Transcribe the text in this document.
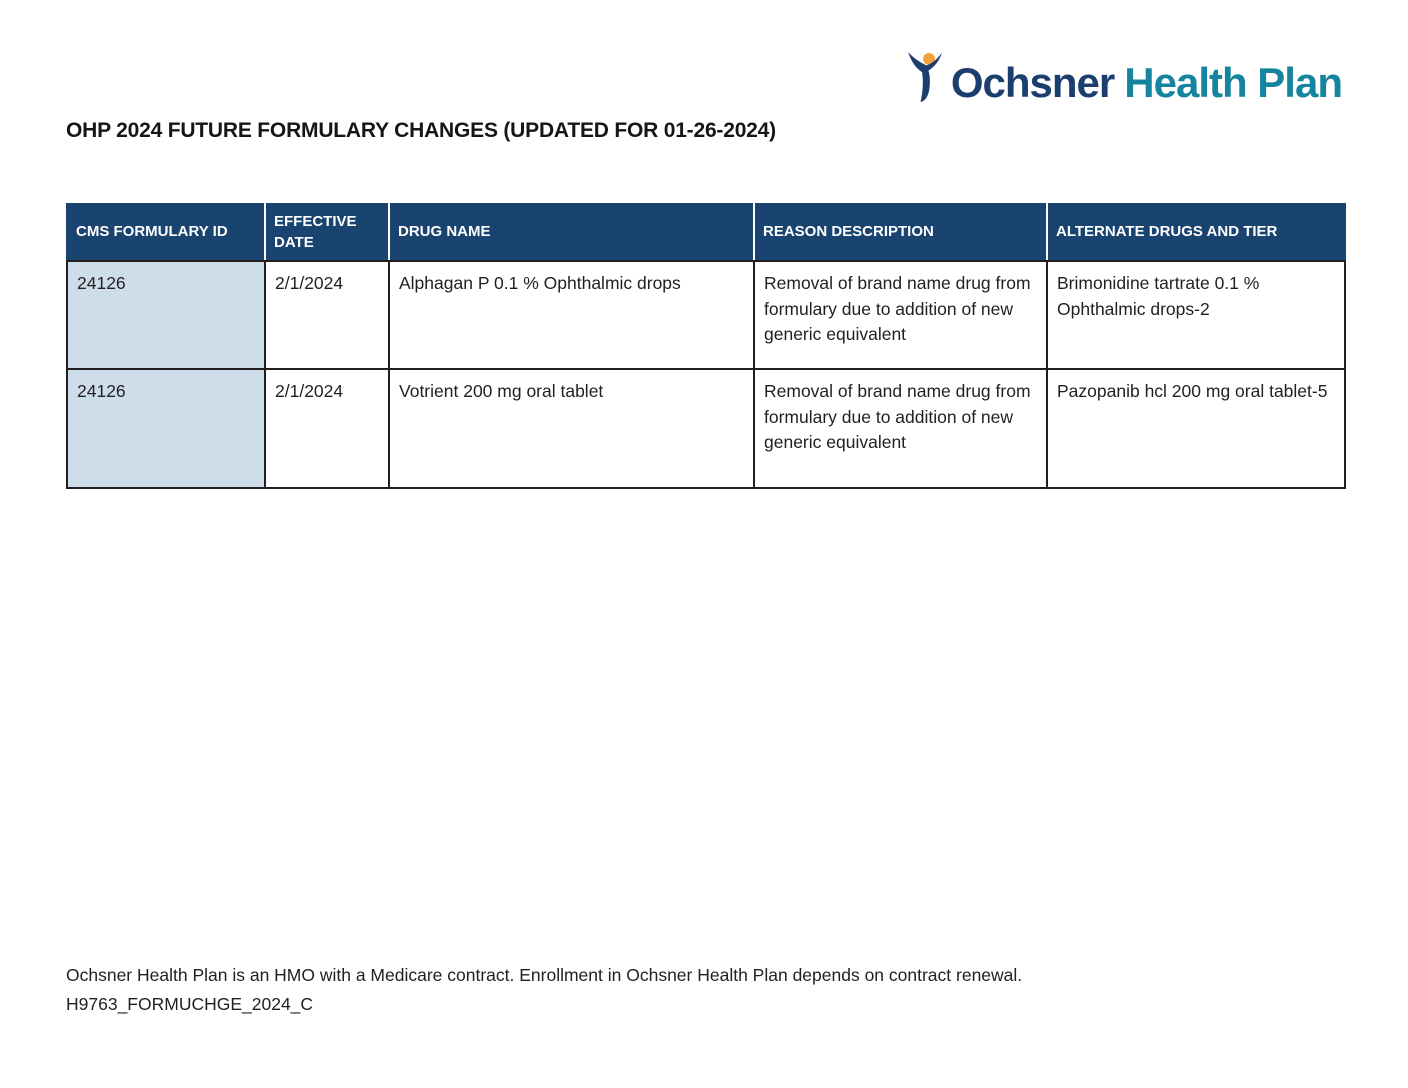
Ochsner Health Plan
OHP 2024 FUTURE FORMULARY CHANGES (UPDATED FOR 01-26-2024)
CMS FORMULARY ID	EFFECTIVE DATE	DRUG NAME	REASON DESCRIPTION	ALTERNATE DRUGS AND TIER
24126	2/1/2024	Alphagan P 0.1 % Ophthalmic drops	Removal of brand name drug from formulary due to addition of new generic equivalent	Brimonidine tartrate 0.1 % Ophthalmic drops-2
24126	2/1/2024	Votrient 200 mg oral tablet	Removal of brand name drug from formulary due to addition of new generic equivalent	Pazopanib hcl 200 mg oral tablet-5
Ochsner Health Plan is an HMO with a Medicare contract. Enrollment in Ochsner Health Plan depends on contract renewal.
H9763_FORMUCHGE_2024_C
